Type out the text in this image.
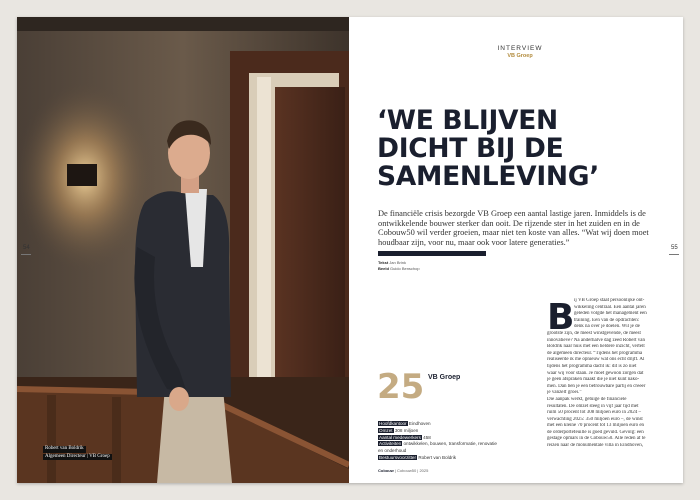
Robert van Boldrik
Algemeen Directeur | VB Groep
54
INTERVIEW
VB Groep
‘WE BLIJVEN
DICHT BIJ DE
SAMENLEVING’
De financiële crisis bezorgde VB Groep een aantal lastige jaren. Inmiddels is de ontwikkelende bouwer sterker dan ooit. De rijzende ster in het zuiden en in de Cobouw50 wil verder groeien, maar niet ten koste van alles. “Wat wij doen moet houdbaar zijn, voor nu, maar ook voor latere generaties.”
Tekst Jan Brink
Beeld Guido Benschop
55
B ij VB Groep staat persoonlijke ont-
wikkeling centraal. Een aantal jaren
geleden volgde het management een
training. Een van de opdrachten:
denk na over je doelen. Wil je de
grootste zijn, de meest winstgevende, de meest
innovatieve? Na anderhalve dag zeed Robert van
Boldrik naar huis met een heldere inzicht, vertelt
de algemeen directeur. “Tijdens het programma
realiseerde ik me opnieuw wat ons echt drijft. Al
tijdens het programma dacht ik: dit is zo niet
waar wij voor staan. Je moet gewoon zorgen dat
je geen afspraken maakt die je niet kunt nako-
men. Dan ben je een betrouwbare partij en creëer
je vanzelf groei.”
Die aanpak werkt, getuige de financiële
resultaten. De omzet steeg in vijf jaar tijd met
ruim 50 procent tot 308 miljoen euro in 2024 –
verwachting 2025: 350 miljoen euro –, de winst
met een kleine 70 procent tot 13 miljoen euro en
de orderportefeuille is goed gevuld. Gevolg: een
gestage opmars in de Cobouw50. Alle reden af te
reizen naar de monumentale villa in Eindhoven,
25 VB Groep
Hoofdkantoor Eindhoven
Omzet 308 miljoen
Aantal medewerkers 458
Activiteiten ontwikkelen, bouwen, transformatie, renovatie
en onderhoud
Bestuursvoorzitter Robert van Boldrik
Cobouw | Cobouw50 | 2025
